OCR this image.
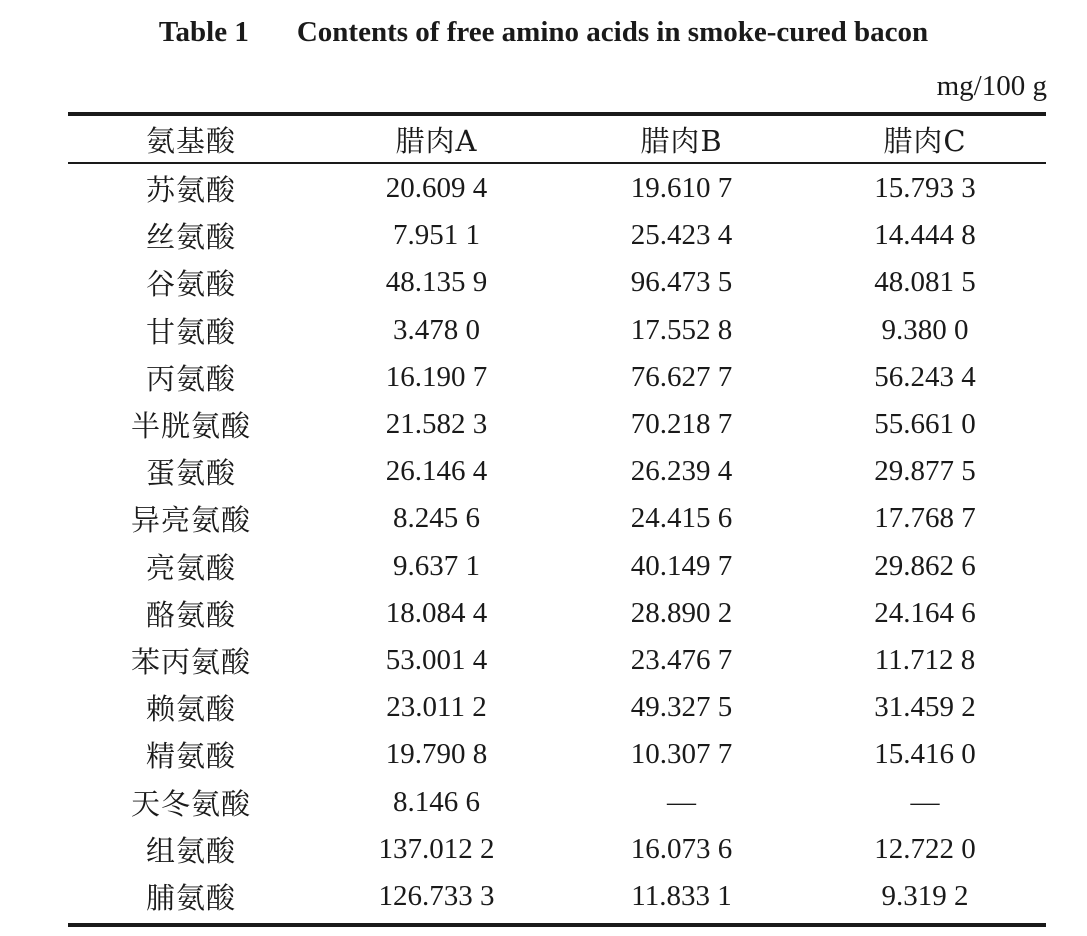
Table 1 Contents of free amino acids in smoke-cured bacon
mg/100 g
氨基酸	腊肉A	腊肉B	腊肉C
苏氨酸	20.609 4	19.610 7	15.793 3
丝氨酸	7.951 1	25.423 4	14.444 8
谷氨酸	48.135 9	96.473 5	48.081 5
甘氨酸	3.478 0	17.552 8	9.380 0
丙氨酸	16.190 7	76.627 7	56.243 4
半胱氨酸	21.582 3	70.218 7	55.661 0
蛋氨酸	26.146 4	26.239 4	29.877 5
异亮氨酸	8.245 6	24.415 6	17.768 7
亮氨酸	9.637 1	40.149 7	29.862 6
酪氨酸	18.084 4	28.890 2	24.164 6
苯丙氨酸	53.001 4	23.476 7	11.712 8
赖氨酸	23.011 2	49.327 5	31.459 2
精氨酸	19.790 8	10.307 7	15.416 0
天冬氨酸	8.146 6	—	—
组氨酸	137.012 2	16.073 6	12.722 0
脯氨酸	126.733 3	11.833 1	9.319 2
